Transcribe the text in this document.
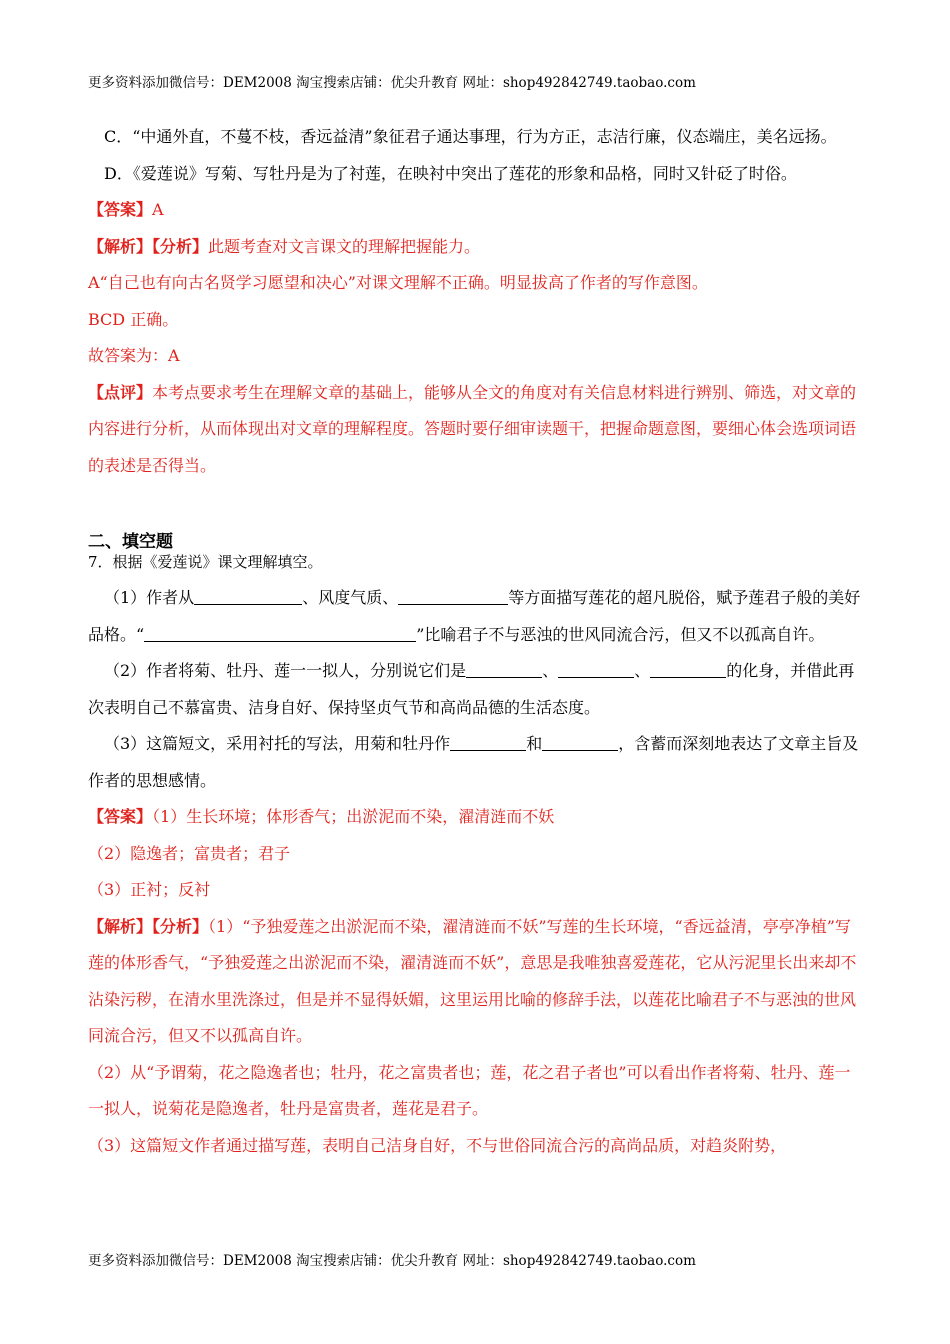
更多资料添加微信号：DEM2008 淘宝搜索店铺：优尖升教育 网址：shop492842749.taobao.com

C．“中通外直，不蔓不枝，香远益清”象征君子通达事理，行为方正，志洁行廉，仪态端庄，美名远扬。

D．《爱莲说》写菊、写牡丹是为了衬莲，在映衬中突出了莲花的形象和品格，同时又针砭了时俗。

【答案】A

【解析】【分析】此题考查对文言课文的理解把握能力。

A“自己也有向古名贤学习愿望和决心”对课文理解不正确。明显拔高了作者的写作意图。

BCD 正确。

故答案为：A

【点评】本考点要求考生在理解文章的基础上，能够从全文的角度对有关信息材料进行辨别、筛选，对文章的内容进行分析，从而体现出对文章的理解程度。答题时要仔细审读题干，把握命题意图，要细心体会选项词语的表述是否得当。

二、填空题
7．根据《爱莲说》课文理解填空。

（1）作者从	、风度气质、	等方面描写莲花的超凡脱俗，赋予莲君子般的美好品格。“	”比喻君子不与恶浊的世风同流合污，但又不以孤高自许。

（2）作者将菊、牡丹、莲一一拟人，分别说它们是	、	、	的化身，并借此再次表明自己不慕富贵、洁身自好、保持坚贞气节和高尚品德的生活态度。

（3）这篇短文，采用衬托的写法，用菊和牡丹作	和	，含蓄而深刻地表达了文章主旨及作者的思想感情。

【答案】（1）生长环境；体形香气；出淤泥而不染，濯清涟而不妖

（2）隐逸者；富贵者；君子

（3）正衬；反衬

【解析】【分析】（1）“予独爱莲之出淤泥而不染，濯清涟而不妖”写莲的生长环境，“香远益清，亭亭净植”写莲的体形香气，“予独爱莲之出淤泥而不染，濯清涟而不妖”，意思是我唯独喜爱莲花，它从污泥里长出来却不沾染污秽，在清水里洗涤过，但是并不显得妖媚，这里运用比喻的修辞手法，以莲花比喻君子不与恶浊的世风同流合污，但又不以孤高自许。

（2）从“予谓菊，花之隐逸者也；牡丹，花之富贵者也；莲，花之君子者也”可以看出作者将菊、牡丹、莲一一拟人，说菊花是隐逸者，牡丹是富贵者，莲花是君子。

（3）这篇短文作者通过描写莲，表明自己洁身自好，不与世俗同流合污的高尚品质，对趋炎附势，

更多资料添加微信号：DEM2008 淘宝搜索店铺：优尖升教育 网址：shop492842749.taobao.com
